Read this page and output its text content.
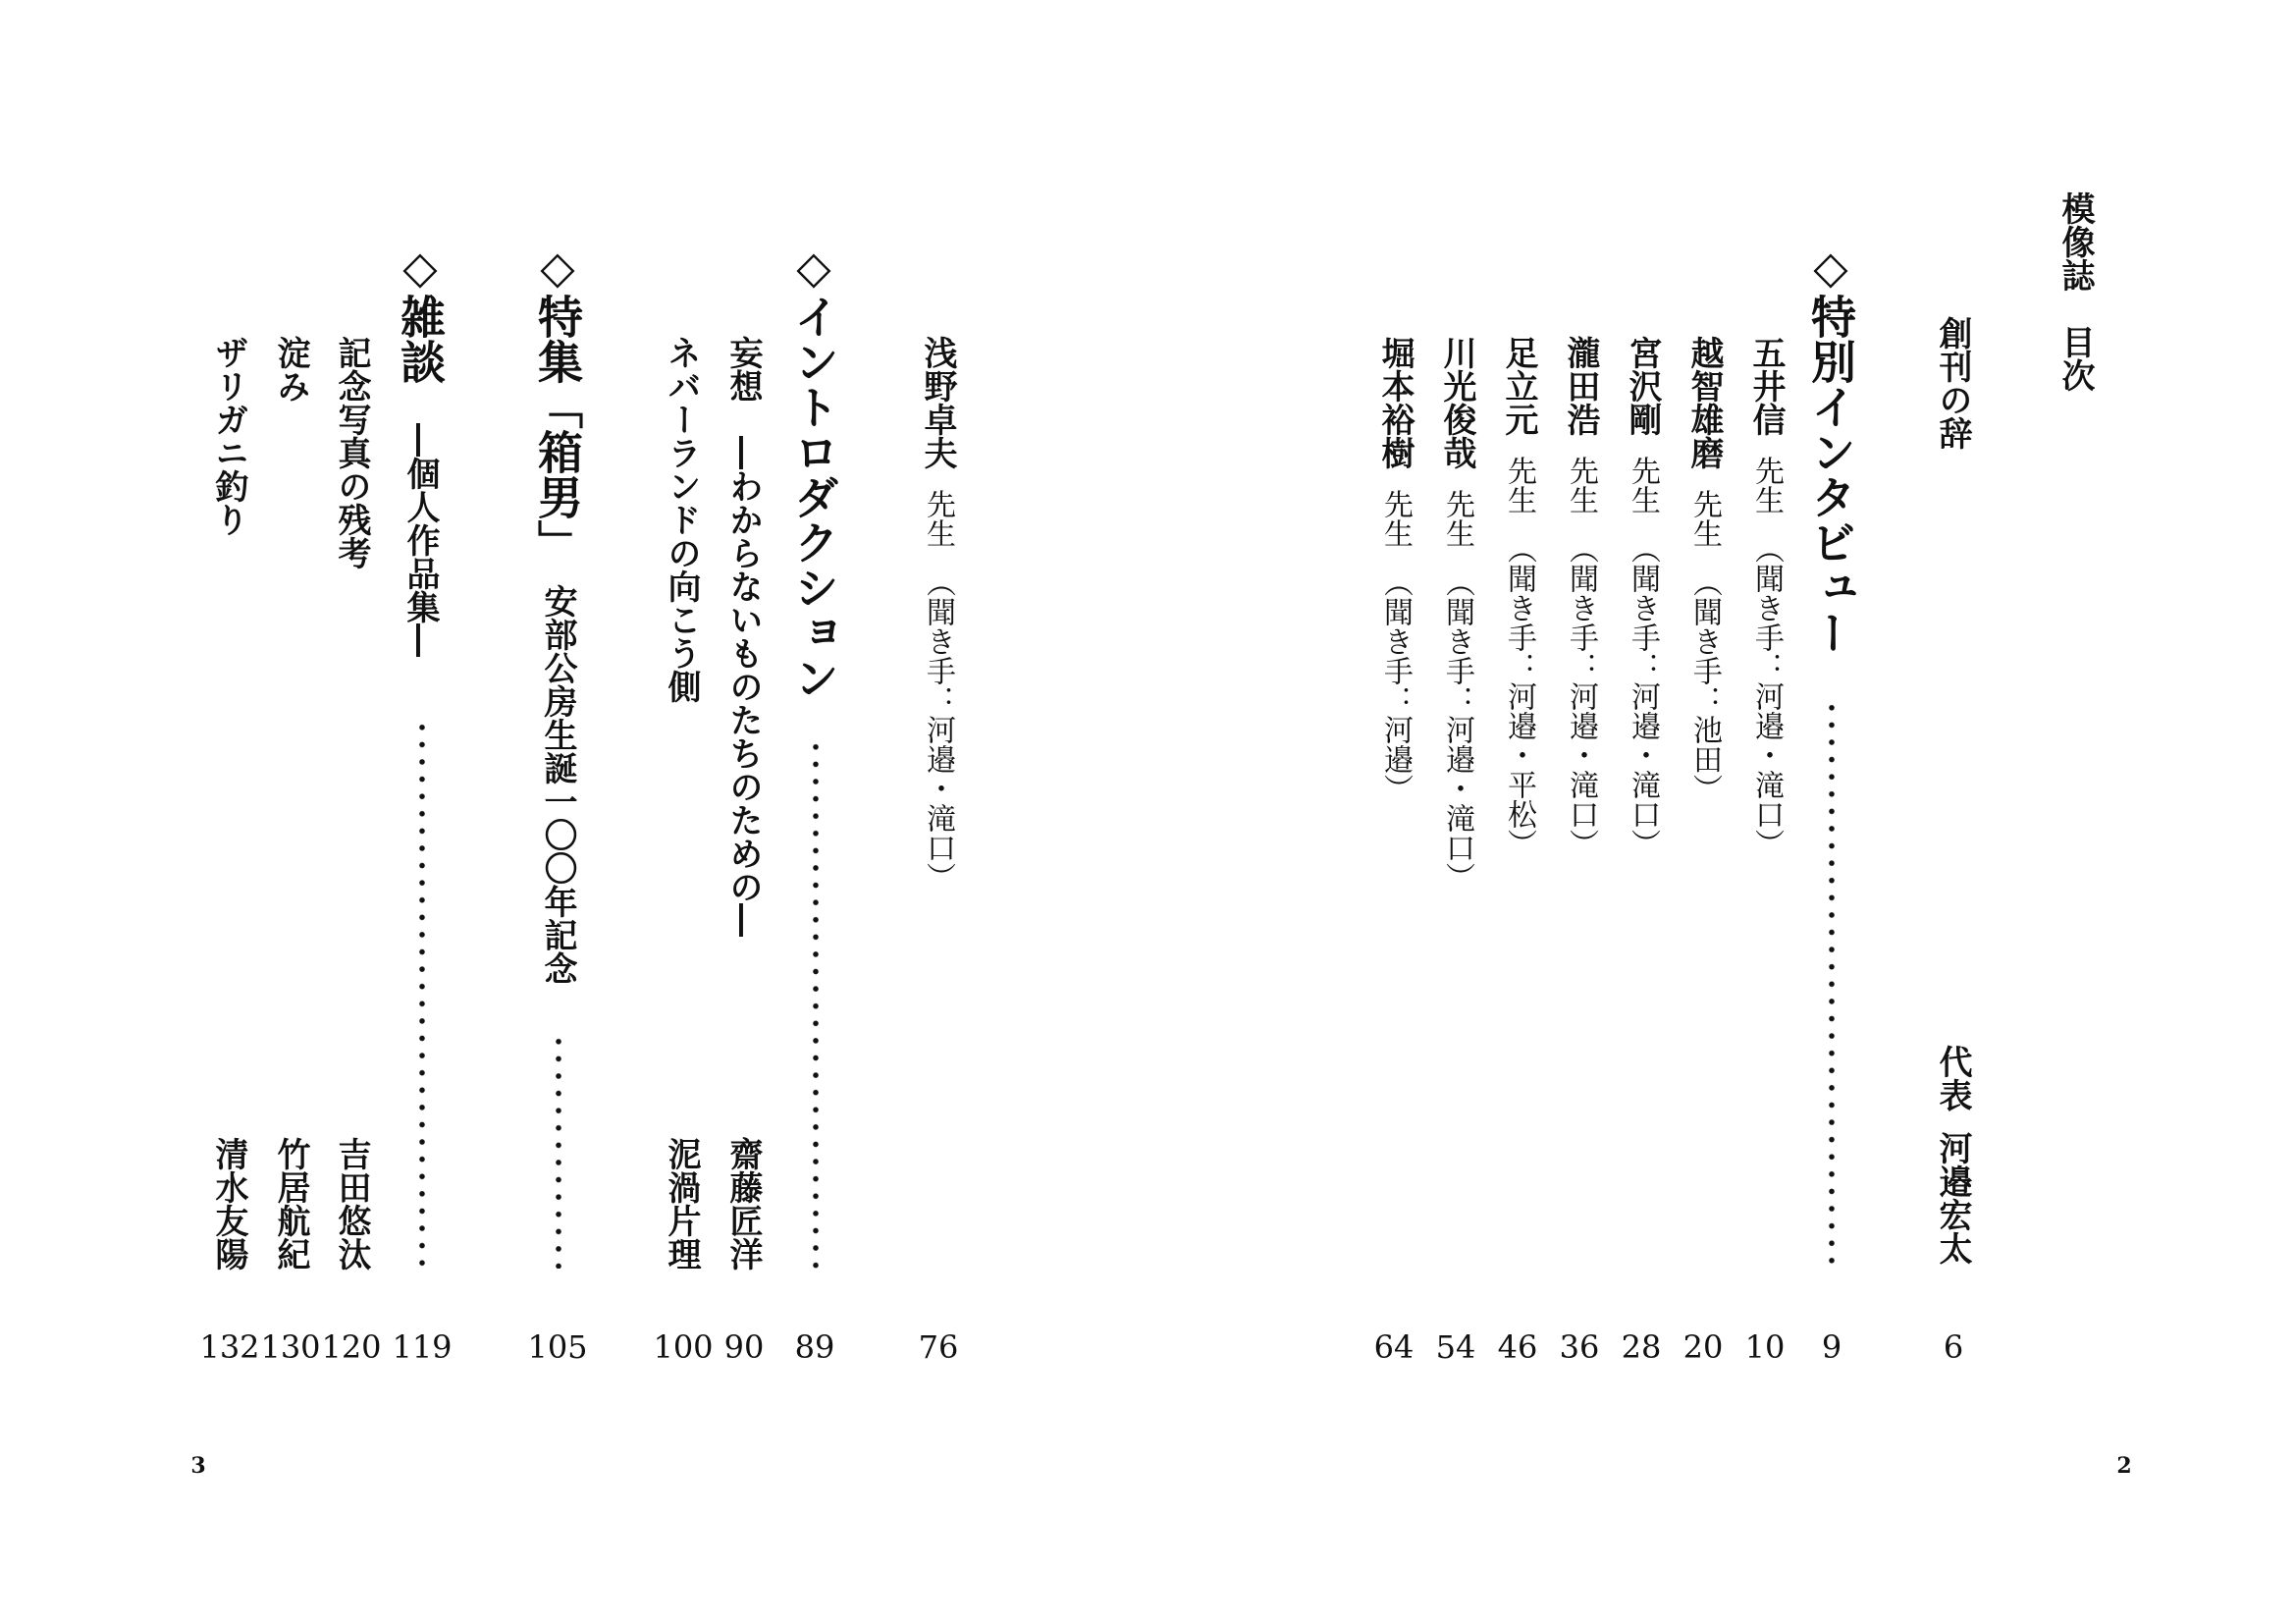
模像誌　目次
創刊の辞
代表河邉宏太
6
◇特別インタビュー
9
五井信先生（聞き手：河邉・滝口）
10
越智雄磨先生（聞き手：池田）
20
宮沢剛先生（聞き手：河邉・滝口）
28
瀧田浩先生（聞き手：河邉・滝口）
36
足立元先生（聞き手：河邉・平松）
46
川光俊哉先生（聞き手：河邉・滝口）
54
堀本裕樹先生（聞き手：河邉）
64
2
浅野卓夫先生（聞き手：河邉・滝口）
76
◇イントロダクション
89
妄想　―わからないものたちのための―
齋藤匠洋
90
ネバーランドの向こう側
泥渦片理
100
◇特集「箱男」安部公房生誕一〇〇年記念
105
◇雑談―個人作品集―
119
記念写真の残考
吉田悠汰
120
淀み
竹居航紀
130
ザリガニ釣り
清水友陽
132
3
